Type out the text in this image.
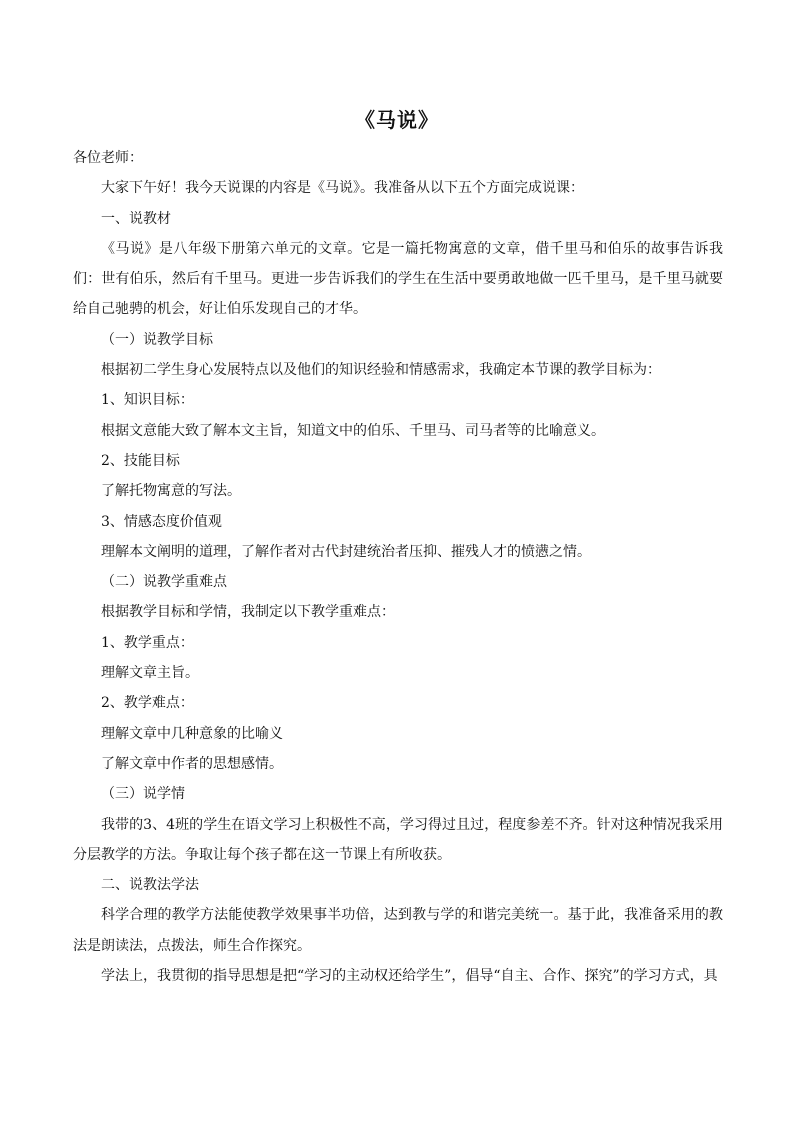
《马说》

各位老师：

大家下午好！我今天说课的内容是《马说》。我准备从以下五个方面完成说课：

一、说教材

《马说》是八年级下册第六单元的文章。它是一篇托物寓意的文章，借千里马和伯乐的故事告诉我们：世有伯乐，然后有千里马。更进一步告诉我们的学生在生活中要勇敢地做一匹千里马，是千里马就要给自己驰骋的机会，好让伯乐发现自己的才华。

（一）说教学目标

根据初二学生身心发展特点以及他们的知识经验和情感需求，我确定本节课的教学目标为：

1、知识目标：

根据文意能大致了解本文主旨，知道文中的伯乐、千里马、司马者等的比喻意义。

2、技能目标

了解托物寓意的写法。

3、情感态度价值观

理解本文阐明的道理，了解作者对古代封建统治者压抑、摧残人才的愤懑之情。

（二）说教学重难点

根据教学目标和学情，我制定以下教学重难点：

1、教学重点：

理解文章主旨。

2、教学难点：

理解文章中几种意象的比喻义

了解文章中作者的思想感情。

（三）说学情

我带的3、4班的学生在语文学习上积极性不高，学习得过且过，程度参差不齐。针对这种情况我采用分层教学的方法。争取让每个孩子都在这一节课上有所收获。

二、说教法学法

科学合理的教学方法能使教学效果事半功倍，达到教与学的和谐完美统一。基于此，我准备采用的教法是朗读法，点拨法，师生合作探究。

学法上，我贯彻的指导思想是把“学习的主动权还给学生”，倡导“自主、合作、探究”的学习方式，具
